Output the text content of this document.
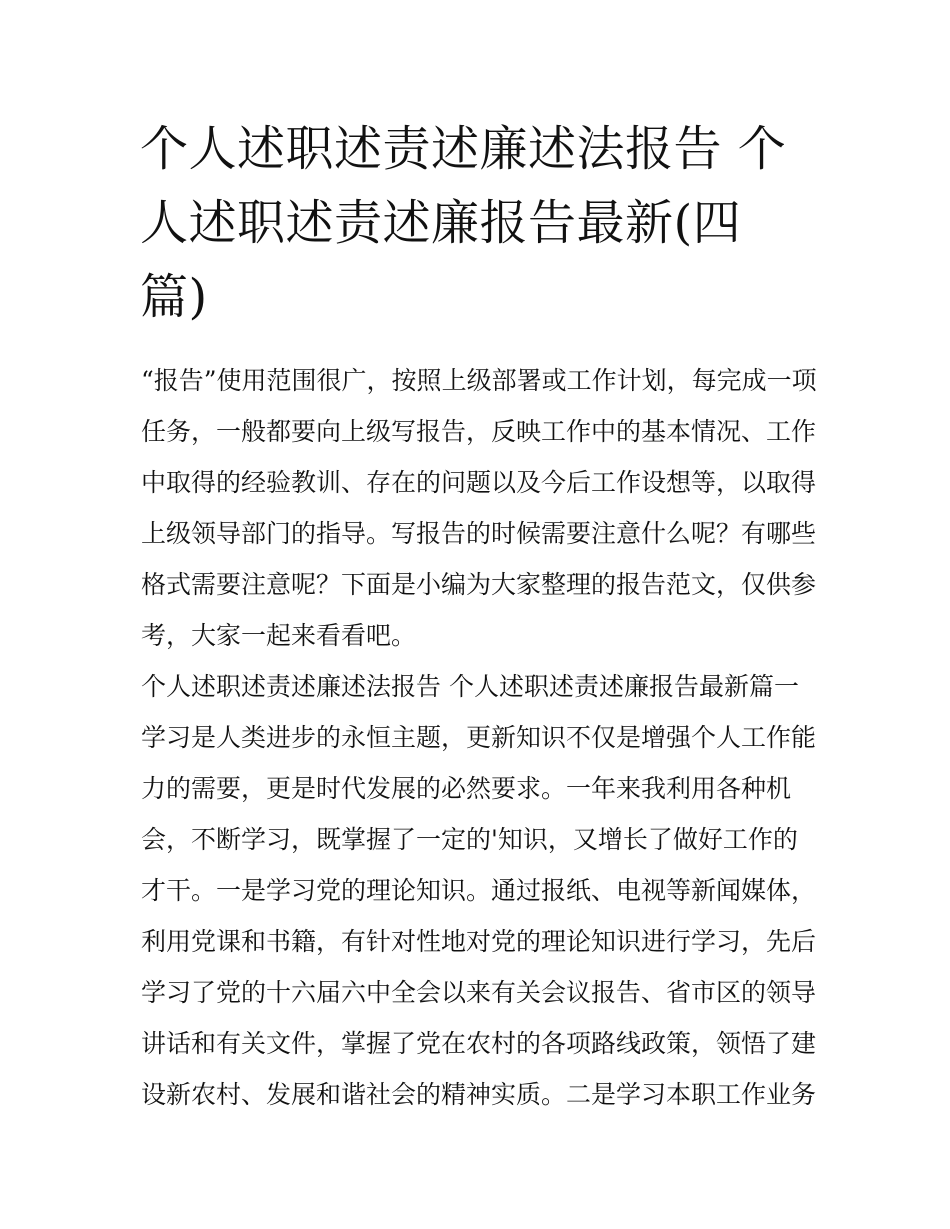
个人述职述责述廉述法报告 个
人述职述责述廉报告最新(四
篇)
“报告”使用范围很广，按照上级部署或工作计划，每完成一项
任务，一般都要向上级写报告，反映工作中的基本情况、工作
中取得的经验教训、存在的问题以及今后工作设想等，以取得
上级领导部门的指导。写报告的时候需要注意什么呢？有哪些
格式需要注意呢？下面是小编为大家整理的报告范文，仅供参
考，大家一起来看看吧。
个人述职述责述廉述法报告 个人述职述责述廉报告最新篇一
学习是人类进步的永恒主题，更新知识不仅是增强个人工作能
力的需要，更是时代发展的必然要求。一年来我利用各种机
会，不断学习，既掌握了一定的'知识，又增长了做好工作的
才干。一是学习党的理论知识。通过报纸、电视等新闻媒体，
利用党课和书籍，有针对性地对党的理论知识进行学习，先后
学习了党的十六届六中全会以来有关会议报告、省市区的领导
讲话和有关文件，掌握了党在农村的各项路线政策，领悟了建
设新农村、发展和谐社会的精神实质。二是学习本职工作业务
